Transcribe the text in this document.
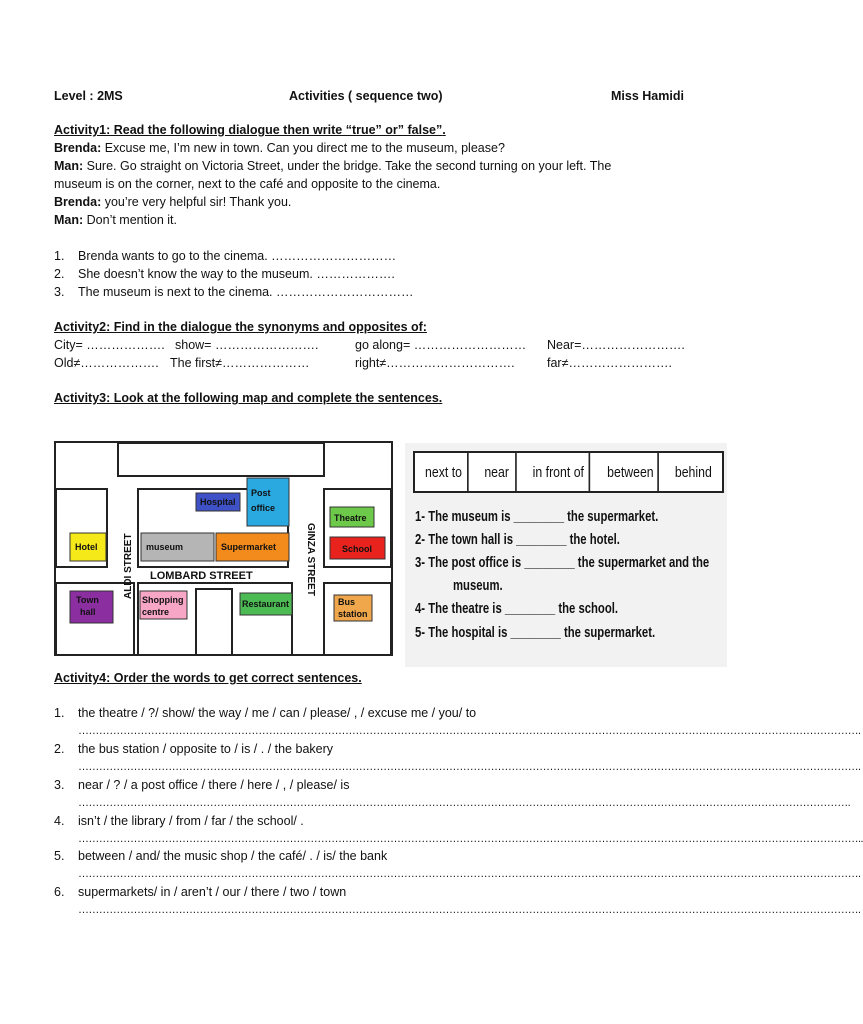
Level : 2MS	Activities ( sequence two)	Miss Hamidi
Activity1: Read the following dialogue then write “true” or” false”.
Brenda: Excuse me, I’m new in town. Can you direct me to the museum, please?
Man: Sure. Go straight on Victoria Street, under the bridge. Take the second turning on your left. The
museum is on the corner, next to the café and opposite to the cinema.
Brenda: you’re very helpful sir! Thank you.
Man: Don’t mention it.
1. Brenda wants to go to the cinema. …………………………
2. She doesn’t know the way to the museum. ……………….
3. The museum is next to the cinema. ……………………………
Activity2: Find in the dialogue the synonyms and opposites of:
City= ………………. show= …………………….	go along= ……………………… Near=…………………….
Old≠………………. The first≠…………………	right≠………………………….	far≠…………………….
Activity3: Look at the following map and complete the sentences.
Hospital
Post
office
Theatre
Hotel	museum	Supermarket	School
Town
hall
Shopping
centre
Restaurant	Bus
station
ALDI STREET	GINZA STREET
LOMBARD STREET
next to	near	in front of	between	behind
1- The museum is ________ the supermarket.
2- The town hall is ________ the hotel.
3- The post office is ________ the supermarket and the
museum.
4- The theatre is ________ the school.
5- The hospital is ________ the supermarket.
Activity4: Order the words to get correct sentences.
1. the theatre / ?/ show/ the way / me / can / please/ , / excuse me / you/ to
……………………………………………………………………………………………………………………………………………………………………………………………………….
2. the bus station / opposite to / is / . / the bakery
……………………………………………………………………………………………………………………………………………………………………………………………………….
3. near / ? / a post office / there / here / , / please/ is
…………………………………………………………………………………………………………………………………………………………………………………………………….
4. isn’t / the library / from / far / the school/ .
………………………………………………………………………………………………………………………………………………………………………………………………………..
5. between / and/ the music shop / the café/ . / is/ the bank
……………………………………………………………………………………………………………………………………………………………………………………………………….
6. supermarkets/ in / aren’t / our / there / two / town
……………………………………………………………………………………………………………………………………………………………………………………………………….
